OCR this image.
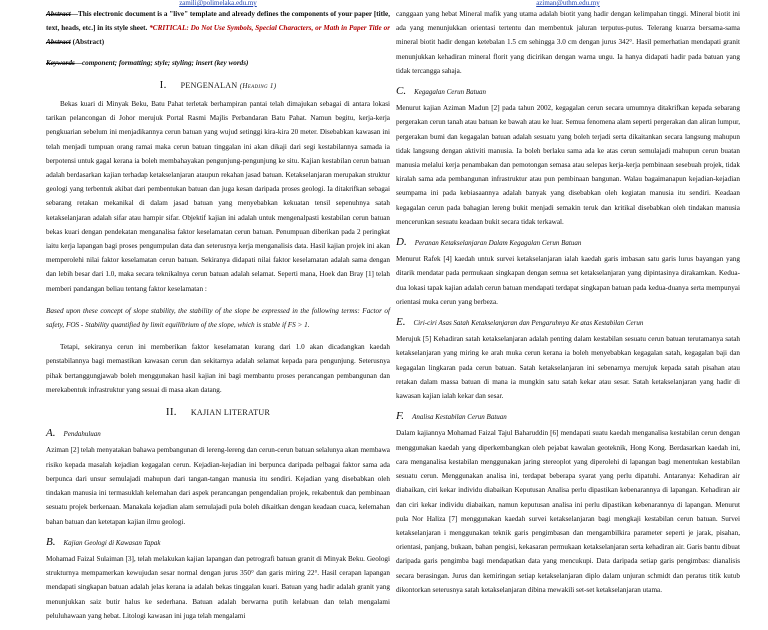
zamili@polimelaka.edu.my

Abstract—This electronic document is a "live" template and already defines the components of your paper [title, text, heads, etc.] in its style sheet. *CRITICAL: Do Not Use Symbols, Special Characters, or Math in Paper Title or Abstract (Abstract)

Keywords—component; formatting; style; styling; insert (key words)

I. PENGENALAN (Heading 1)

Bekas kuari di Minyak Beku, Batu Pahat terletak berhampiran pantai telah dimajukan sebagai di antara lokasi tarikan pelancongan di Johor merujuk Portal Rasmi Majlis Perbandaran Batu Pahat. Namun begitu, kerja-kerja pengkuarian sebelum ini menjadikannya cerun batuan yang wujud setinggi kira-kira 20 meter. Disebabkan kawasan ini telah menjadi tumpuan orang ramai maka cerun batuan tinggalan ini akan dikaji dari segi kestabilannya samada ia berpotensi untuk gagal kerana ia boleh membahayakan pengunjung-pengunjung ke situ. Kajian kestabilan cerun batuan adalah berdasarkan kajian terhadap ketakselanjaran ataupun rekahan jasad batuan. Ketakselanjaran merupakan struktur geologi yang terbentuk akibat dari pembentukan batuan dan juga kesan daripada proses geologi. Ia ditakrifkan sebagai sebarang retakan mekanikal di dalam jasad batuan yang menyebabkan kekuatan tensil sepenuhnya satah ketakselanjaran adalah sifar atau hampir sifar. Objektif kajian ini adalah untuk mengenalpasti kestabilan cerun batuan bekas kuari dengan pendekatan menganalisa faktor keselamatan cerun batuan. Penumpuan diberikan pada 2 peringkat iaitu kerja lapangan bagi proses pengumpulan data dan seterusnya kerja menganalisis data. Hasil kajian projek ini akan memperolehi nilai faktor keselamatan cerun batuan. Sekiranya didapati nilai faktor keselamatan adalah sama dengan dan lebih besar dari 1.0, maka secara teknikalnya cerun batuan adalah selamat. Seperti mana, Hoek dan Bray [1] telah memberi pandangan beliau tentang faktor keselamatan :

Based upon these concept of slope stability, the stability of the slope be expressed in the following terms: Factor of safety, FOS - Stability quantified by limit equilibrium of the slope, which is stable if FS > 1.

Tetapi, sekiranya cerun ini memberikan faktor keselamatan kurang dari 1.0 akan dicadangkan kaedah penstabilannya bagi memastikan kawasan cerun dan sekitarnya adalah selamat kepada para pengunjung. Seterusnya pihak bertanggungjawab boleh menggunakan hasil kajian ini bagi membantu proses perancangan pembangunan dan merekabentuk infrastruktur yang sesuai di masa akan datang.

II. KAJIAN LITERATUR
A. Pendahuluan

Aziman [2] telah menyatakan bahawa pembangunan di lereng-lereng dan cerun-cerun batuan selalunya akan membawa risiko kepada masalah kejadian kegagalan cerun. Kejadian-kejadian ini berpunca daripada pelbagai faktor sama ada berpunca dari unsur semulajadi mahupun dari tangan-tangan manusia itu sendiri. Kejadian yang disebabkan oleh tindakan manusia ini termasuklah kelemahan dari aspek perancangan pengendalian projek, rekabentuk dan pembinaan sesuatu projek berkenaan. Manakala kejadian alam semulajadi pula boleh dikaitkan dengan keadaan cuaca, kelemahan bahan batuan dan ketetapan kajian ilmu geologi.

B. Kajian Geologi di Kawasan Tapak

Mohamad Faizal Sulaiman [3], telah melakukan kajian lapangan dan petrografi batuan granit di Minyak Beku. Geologi strukturnya mempamerkan kewujudan sesar normal dengan jurus 350° dan garis miring 22°. Hasil cerapan lapangan mendapati singkapan batuan adalah jelas kerana ia adalah bekas tinggalan kuari. Batuan yang hadir adalah granit yang menunjukkan saiz butir halus ke sederhana. Batuan adalah berwarna putih kelabuan dan telah mengalami peluluhawaan yang hebat. Litologi kawasan ini juga telah mengalami

aziman@uthm.edu.my

canggaan yang hebat Mineral mafik yang utama adalah biotit yang hadir dengan kelimpahan tinggi. Mineral biotit ini ada yang menunjukkan orientasi tertentu dan membentuk jaluran terputus-putus. Telerang kuarza bersama-sama mineral biotit hadir dengan ketebalan 1.5 cm sehingga 3.0 cm dengan jurus 342°. Hasil pemerhatian mendapati granit menunjukkan kehadiran mineral florit yang dicirikan dengan warna ungu. Ia hanya didapati hadir pada batuan yang tidak tercangga sahaja.

C. Kegagalan Cerun Batuan

Menurut kajian Aziman Madun [2] pada tahun 2002, kegagalan cerun secara umumnya ditakrifkan kepada sebarang pergerakan cerun tanah atau batuan ke bawah atau ke luar. Semua fenomena alam seperti pergerakan dan aliran lumpur, pergerakan bumi dan kegagalan batuan adalah sesuatu yang boleh terjadi serta dikaitankan secara langsung mahupun tidak langsung dengan aktiviti manusia. Ia boleh berlaku sama ada ke atas cerun semulajadi mahupun cerun buatan manusia melalui kerja penambakan dan pemotongan semasa atau selepas kerja-kerja pembinaan sesebuah projek, tidak kiralah sama ada pembangunan infrastruktur atau pun pembinaan bangunan. Walau bagaimanapun kejadian-kejadian seumpama ini pada kebiasaannya adalah banyak yang disebabkan oleh kegiatan manusia itu sendiri. Keadaan kegagalan cerun pada bahagian lereng bukit menjadi semakin teruk dan kritikal disebabkan oleh tindakan manusia mencerunkan sesuatu keadaan bukit secara tidak terkawal.

D. Peranan Ketakselanjaran Dalam Kegagalan Cerun Batuan

Menurut Rafek [4] kaedah untuk survei ketakselanjaran ialah kaedah garis imbasan satu garis lurus bayangan yang ditarik mendatar pada permukaan singkapan dengan semua set ketakselanjaran yang dipintasinya dirakamkan. Kedua-dua lokasi tapak kajian adalah cerun batuan mendapati terdapat singkapan batuan pada kedua-duanya serta mempunyai orientasi muka cerun yang berbeza.

E. Ciri-ciri Asas Satah Ketakselanjaran dan Pengaruhnya Ke atas Kestabilan Cerun

Merujuk [5] Kehadiran satah ketakselanjaran adalah penting dalam kestabilan sesuatu cerun batuan terutamanya satah ketakselanjaran yang miring ke arah muka cerun kerana ia boleh menyebabkan kegagalan satah, kegagalan baji dan kegagalan lingkaran pada cerun batuan. Satah ketakselanjaran ini sebenarnya merujuk kepada satah pisahan atau retakan dalam massa batuan di mana ia mungkin satu satah kekar atau sesar. Satah ketakselanjaran yang hadir di kawasan kajian ialah kekar dan sesar.

F. Analisa Kestabilan Cerun Batuan

Dalam kajiannya Mohamad Faizal Tajul Baharuddin [6] mendapati suatu kaedah menganalisa kestabilan cerun dengan menggunakan kaedah yang diperkembangkan oleh pejabat kawalan geoteknik, Hong Kong. Berdasarkan kaedah ini, cara menganalisa kestabilan menggunakan jaring stereoplot yang diperolehi di lapangan bagi menentukan kestabilan sesuatu cerun. Menggunakan analisa ini, terdapat beberapa syarat yang perlu dipatuhi. Antaranya: Kehadiran air diabaikan, ciri kekar individu diabaikan Keputusan Analisa perlu dipastikan kebenarannya di lapangan. Kehadiran air dan ciri kekar individu diabaikan, namun keputusan analisa ini perlu dipastikan kebenarannya di lapangan. Menurut pula Nor Haliza [7] menggunakan kaedah survei ketakselanjaran bagi mengkaji kestabilan cerun batuan. Survei ketakselanjaran i menggunakan teknik garis pengimbasan dan mengambilkira parameter seperti je jarak, pisahan, orientasi, panjang, bukaan, bahan pengisi, kekasaran permukaan ketakselanjaran serta kehadiran air. Garis bantu dibuat daripada garis pengimba bagi mendapatkan data yang mencukupi. Data daripada setiap garis pengimbas: dianalisis secara berasingan. Jurus dan kemiringan setiap ketakselanjaran diplo dalam unjuran schmidt dan peratus titik kutub dikontorkan seterusnya satah ketakselanjaran dibina mewakili set-set ketakselanjaran utama.
